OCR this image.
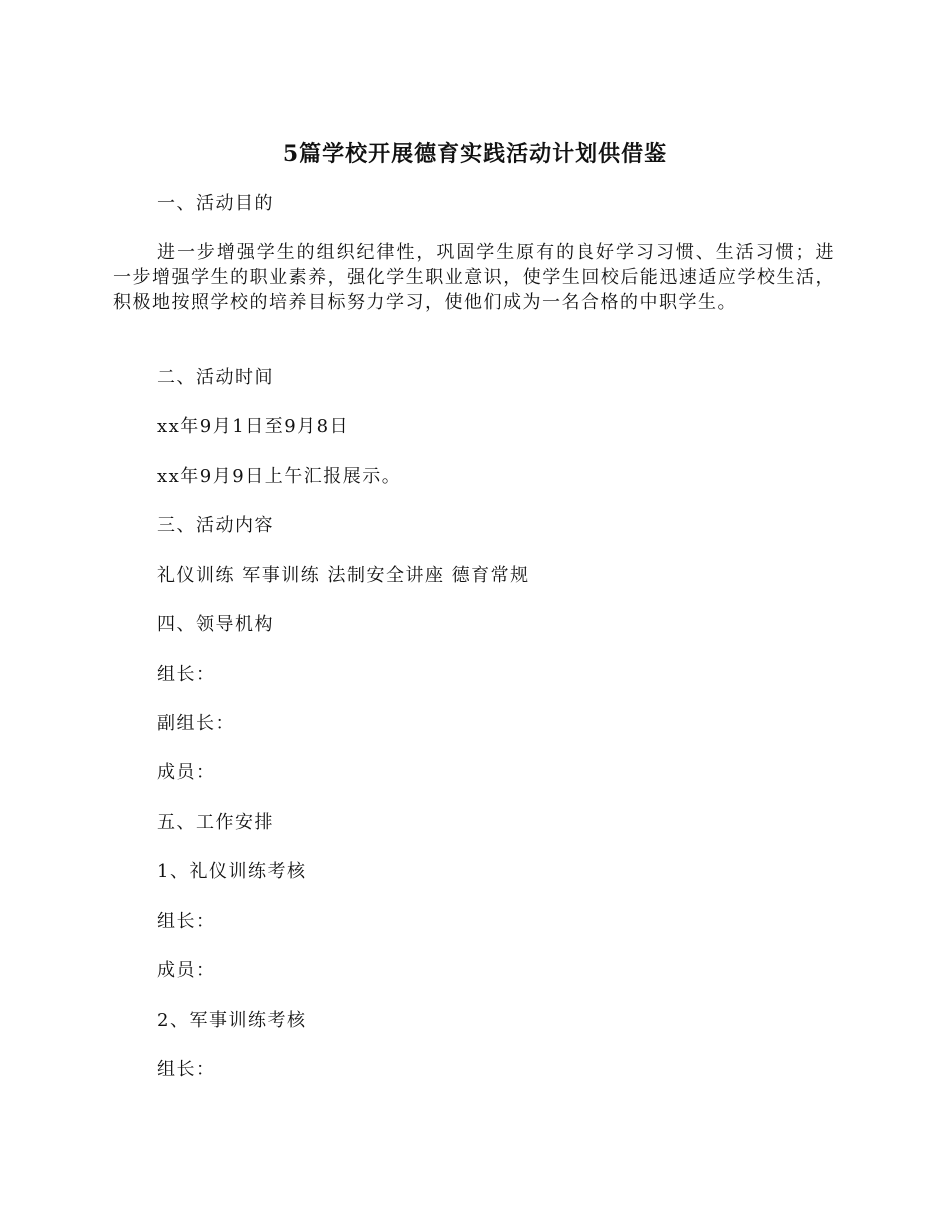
5篇学校开展德育实践活动计划供借鉴
一、活动目的
进一步增强学生的组织纪律性，巩固学生原有的良好学习习惯、生活习惯；进一步增强学生的职业素养，强化学生职业意识，使学生回校后能迅速适应学校生活，积极地按照学校的培养目标努力学习，使他们成为一名合格的中职学生。
二、活动时间
xx年9月1日至9月8日
xx年9月9日上午汇报展示。
三、活动内容
礼仪训练 军事训练 法制安全讲座 德育常规
四、领导机构
组长：
副组长：
成员：
五、工作安排
1、礼仪训练考核
组长：
成员：
2、军事训练考核
组长：
